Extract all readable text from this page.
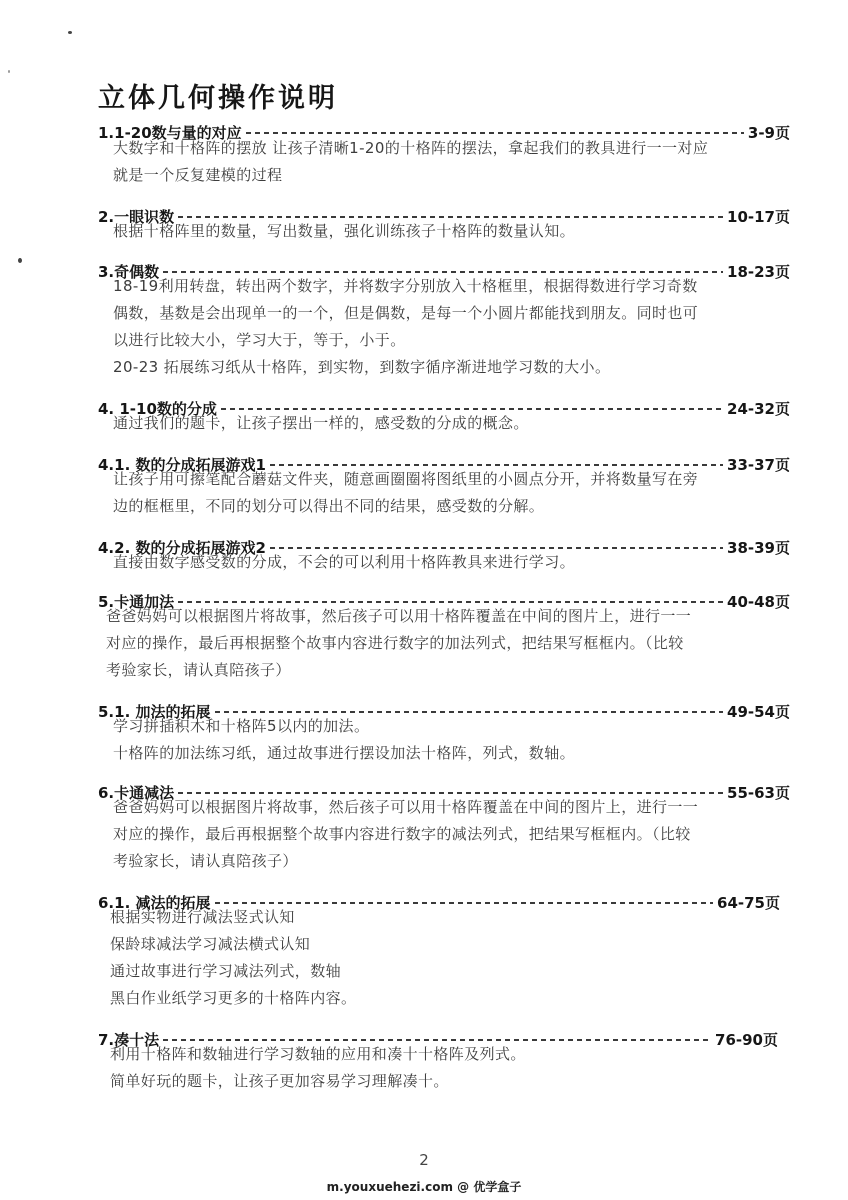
立体几何操作说明
1.1-20数与量的对应	3-9页
大数字和十格阵的摆放 让孩子清晰1-20的十格阵的摆法，拿起我们的教具进行一一对应
就是一个反复建模的过程
2.一眼识数	10-17页
根据十格阵里的数量，写出数量，强化训练孩子十格阵的数量认知。
3.奇偶数	18-23页
18-19利用转盘，转出两个数字，并将数字分别放入十格框里，根据得数进行学习奇数
偶数，基数是会出现单一的一个，但是偶数，是每一个小圆片都能找到朋友。同时也可
以进行比较大小，学习大于，等于，小于。
20-23 拓展练习纸从十格阵，到实物，到数字循序渐进地学习数的大小。
4. 1-10数的分成	24-32页
通过我们的题卡，让孩子摆出一样的，感受数的分成的概念。
4.1. 数的分成拓展游戏1	33-37页
让孩子用可擦笔配合蘑菇文件夹，随意画圈圈将图纸里的小圆点分开，并将数量写在旁
边的框框里，不同的划分可以得出不同的结果，感受数的分解。
4.2. 数的分成拓展游戏2	38-39页
直接由数字感受数的分成，不会的可以利用十格阵教具来进行学习。
5.卡通加法	40-48页
爸爸妈妈可以根据图片将故事，然后孩子可以用十格阵覆盖在中间的图片上，进行一一
对应的操作，最后再根据整个故事内容进行数字的加法列式，把结果写框框内。（比较
考验家长，请认真陪孩子）
5.1. 加法的拓展	49-54页
学习拼插积木和十格阵5以内的加法。
十格阵的加法练习纸，通过故事进行摆设加法十格阵，列式，数轴。
6.卡通减法	55-63页
爸爸妈妈可以根据图片将故事，然后孩子可以用十格阵覆盖在中间的图片上，进行一一
对应的操作，最后再根据整个故事内容进行数字的减法列式，把结果写框框内。（比较
考验家长，请认真陪孩子）
6.1. 减法的拓展	64-75页
根据实物进行减法竖式认知
保龄球减法学习减法横式认知
通过故事进行学习减法列式，数轴
黑白作业纸学习更多的十格阵内容。
7.凑十法	76-90页
利用十格阵和数轴进行学习数轴的应用和凑十十格阵及列式。
简单好玩的题卡，让孩子更加容易学习理解凑十。
2
m.youxuehezi.com @ 优学盒子
